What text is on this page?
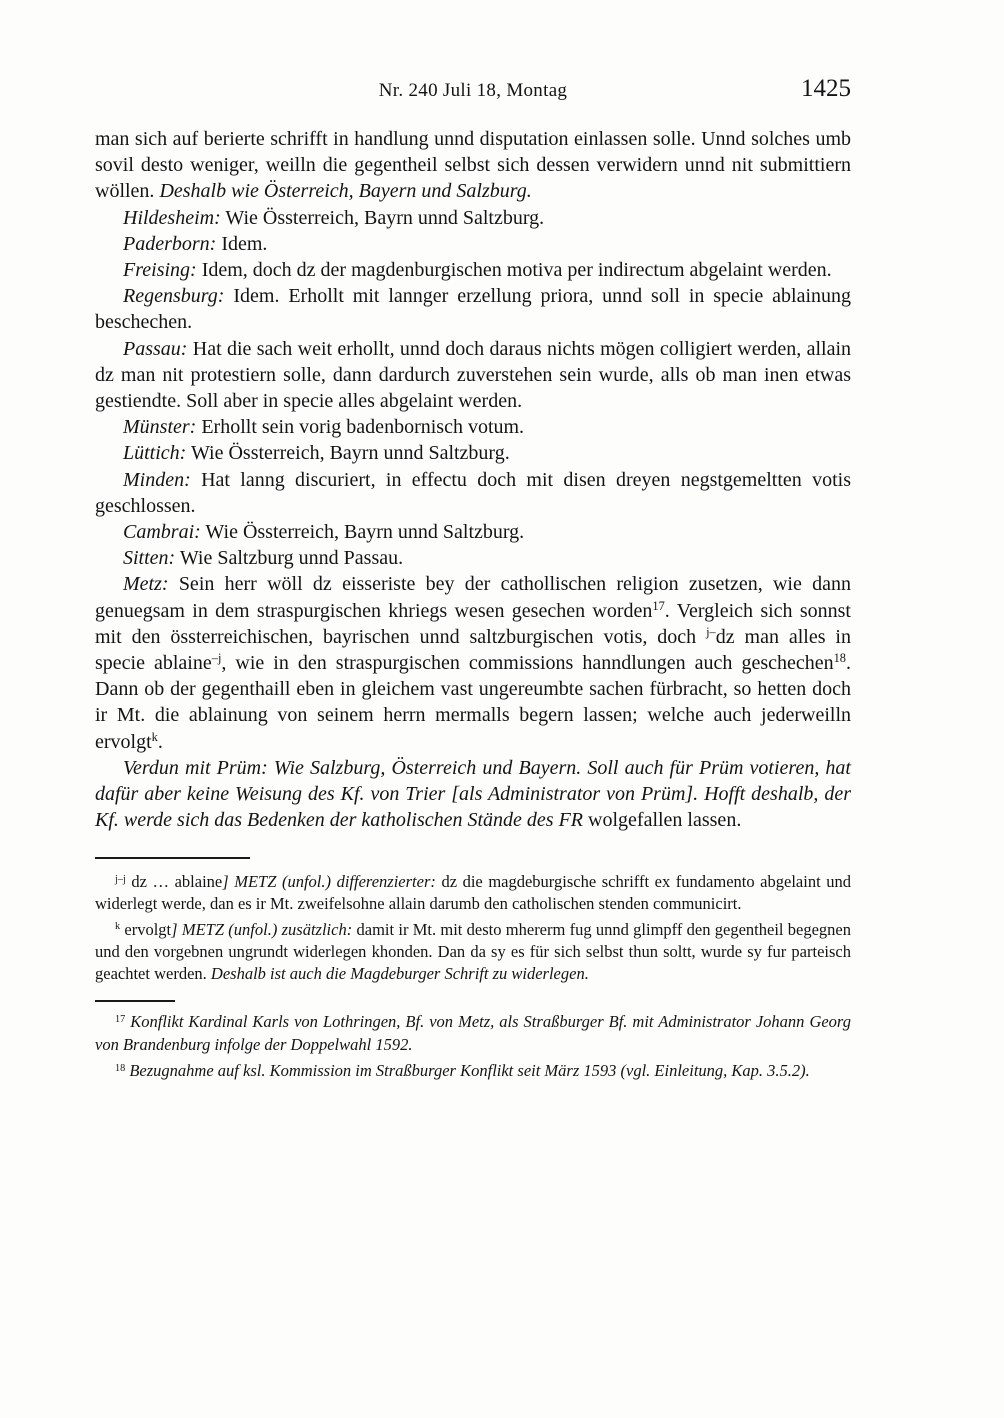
Nr. 240 Juli 18, Montag	1425

man sich auf berierte schrifft in handlung unnd disputation einlassen solle. Unnd solches umb sovil desto weniger, weilln die gegentheil selbst sich dessen verwidern unnd nit submittiern wöllen. Deshalb wie Österreich, Bayern und Salzburg.

Hildesheim: Wie Össterreich, Bayrn unnd Saltzburg.

Paderborn: Idem.

Freising: Idem, doch dz der magdenburgischen motiva per indirectum abgelaint werden.

Regensburg: Idem. Erhollt mit lannger erzellung priora, unnd soll in specie ablainung beschechen.

Passau: Hat die sach weit erhollt, unnd doch daraus nichts mögen colligiert werden, allain dz man nit protestiern solle, dann dardurch zuverstehen sein wurde, alls ob man inen etwas gestiendte. Soll aber in specie alles abgelaint werden.

Münster: Erhollt sein vorig badenbornisch votum.

Lüttich: Wie Össterreich, Bayrn unnd Saltzburg.

Minden: Hat lanng discuriert, in effectu doch mit disen dreyen negstgemeltten votis geschlossen.

Cambrai: Wie Össterreich, Bayrn unnd Saltzburg.

Sitten: Wie Saltzburg unnd Passau.

Metz: Sein herr wöll dz eisseriste bey der cathollischen religion zusetzen, wie dann genuegsam in dem straspurgischen khriegs wesen gesechen worden$^{17}$. Vergleich sich sonnst mit den össterreichischen, bayrischen unnd saltzburgischen votis, doch $^{j-}$dz man alles in specie ablaine$^{-j}$, wie in den straspurgischen commissions hanndlungen auch geschechen$^{18}$. Dann ob der gegenthaill eben in gleichem vast ungereumbte sachen fürbracht, so hetten doch ir Mt. die ablainung von seinem herrn mermalls begern lassen; welche auch jederweilln ervolgt$^k$.

Verdun mit Prüm: Wie Salzburg, Österreich und Bayern. Soll auch für Prüm votieren, hat dafür aber keine Weisung des Kf. von Trier [als Administrator von Prüm]. Hofft deshalb, der Kf. werde sich das Bedenken der katholischen Stände des FR wolgefallen lassen.

$^{j-j}$ dz … ablaine] METZ (unfol.) differenzierter: dz die magdeburgische schrifft ex fundamento abgelaint und widerlegt werde, dan es ir Mt. zweifelsohne allain darumb den catholischen stenden communicirt.

$^k$ ervolgt] METZ (unfol.) zusätzlich: damit ir Mt. mit desto mhererm fug unnd glimpff den gegentheil begegnen und den vorgebnen ungrundt widerlegen khonden. Dan da sy es für sich selbst thun soltt, wurde sy fur parteisch geachtet werden. Deshalb ist auch die Magdeburger Schrift zu widerlegen.

$^{17}$ Konflikt Kardinal Karls von Lothringen, Bf. von Metz, als Straßburger Bf. mit Administrator Johann Georg von Brandenburg infolge der Doppelwahl 1592.

$^{18}$ Bezugnahme auf ksl. Kommission im Straßburger Konflikt seit März 1593 (vgl. Einleitung, Kap. 3.5.2).
